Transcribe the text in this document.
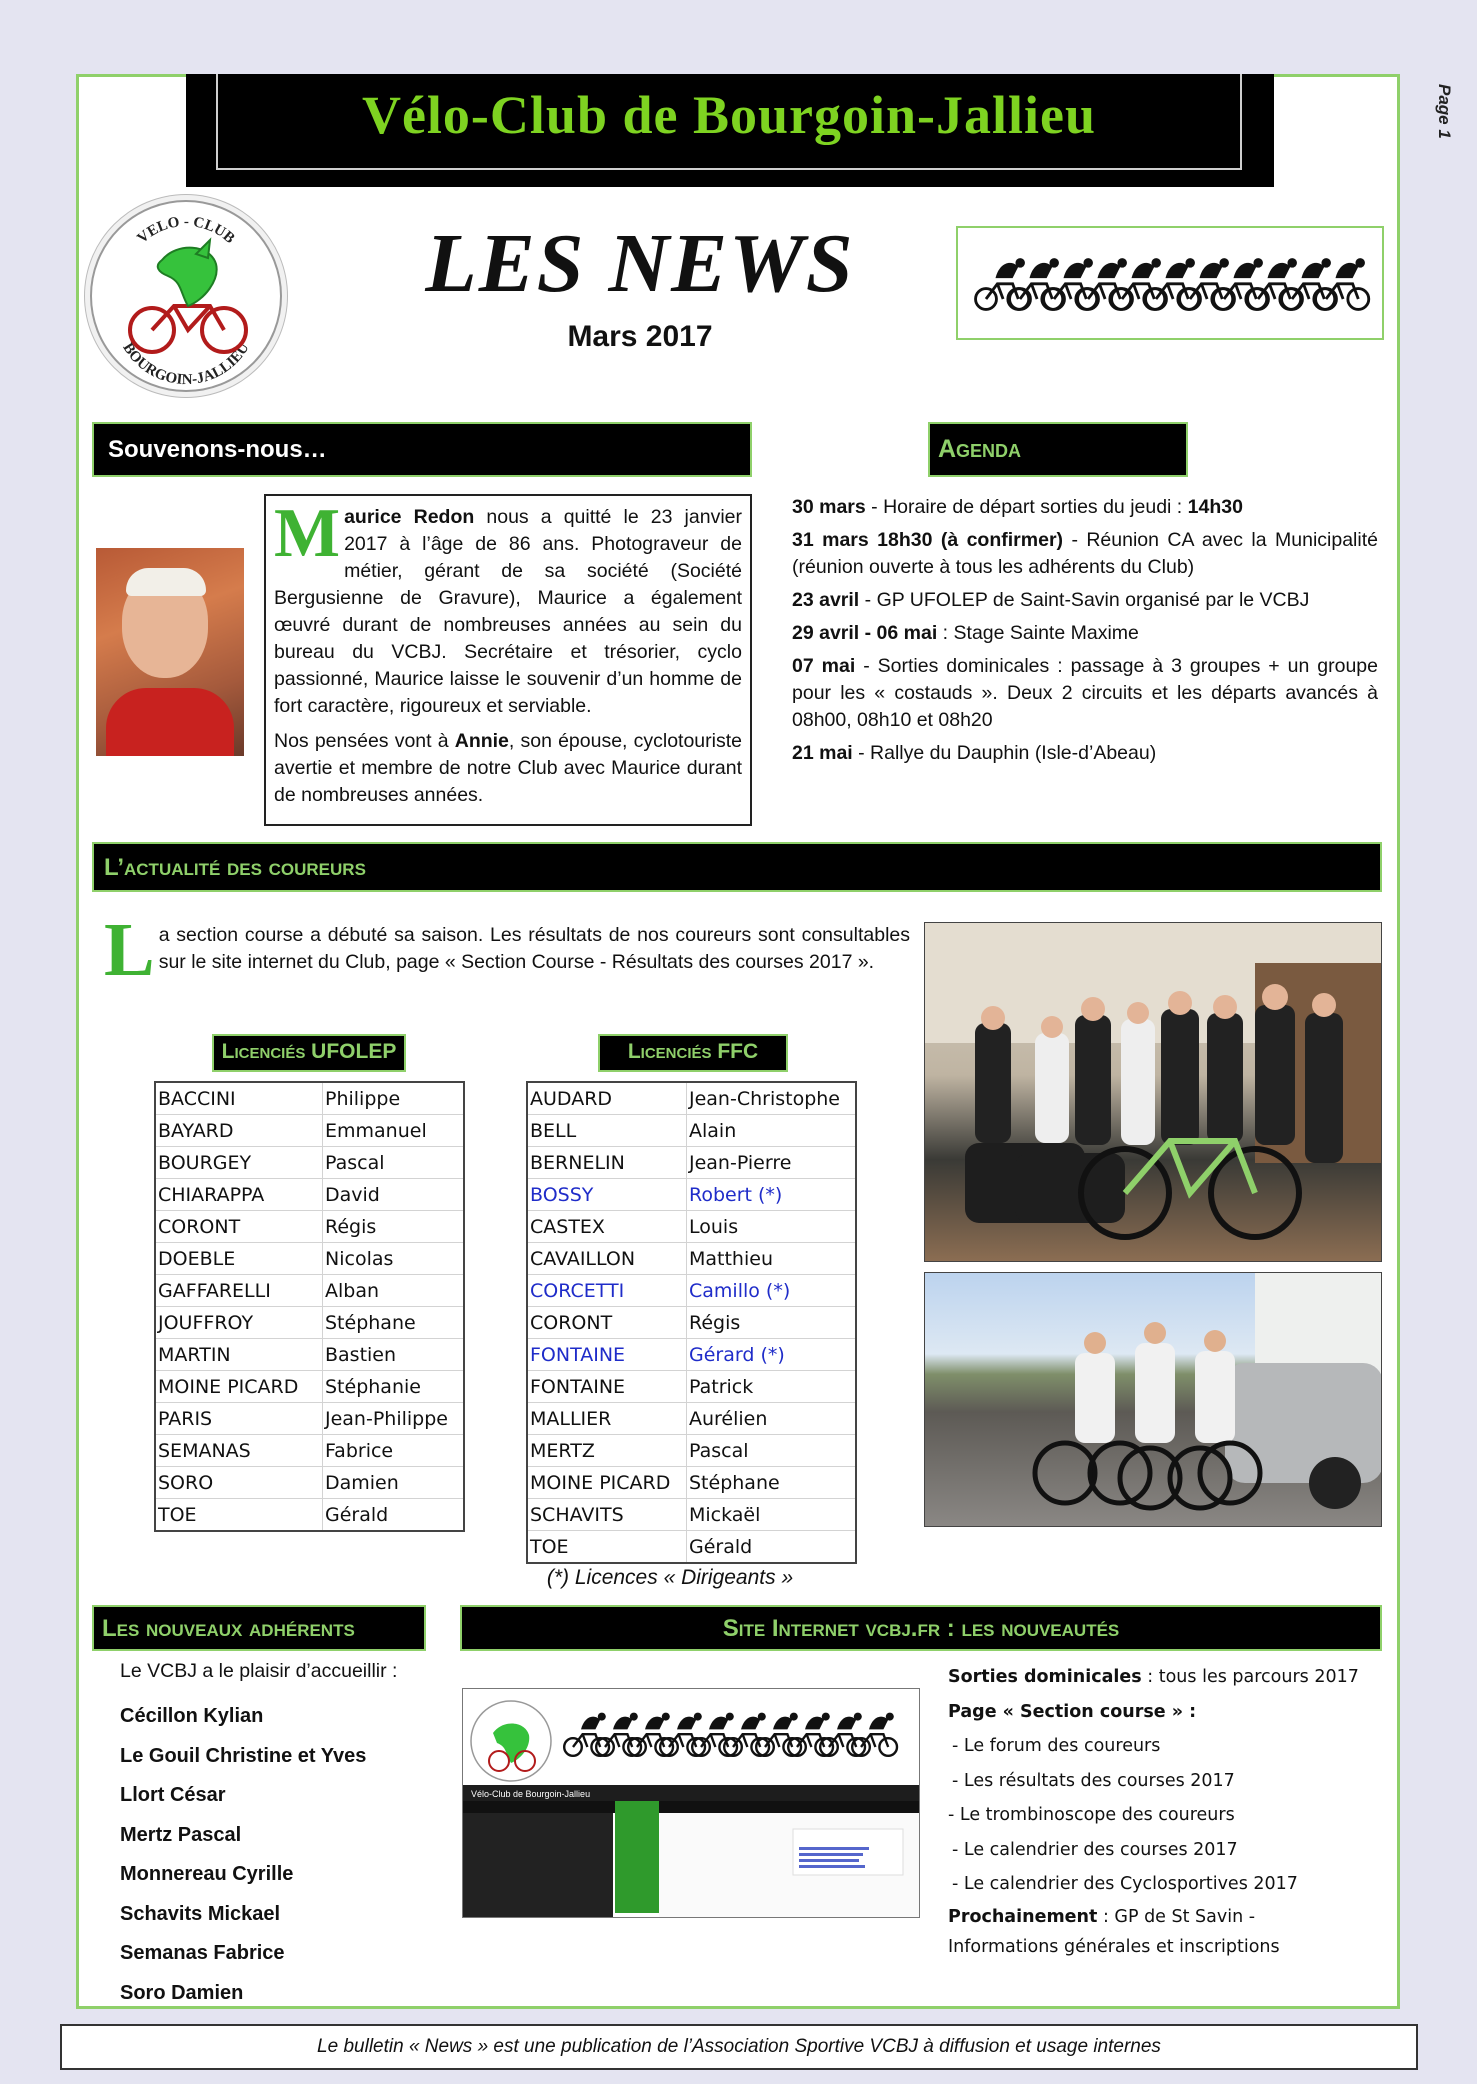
Vélo-Club de Bourgoin-Jallieu	Page 1
VELO - CLUB
BOURGOIN-JALLIEU
LES NEWS
Mars 2017
Souvenons-nous…

Maurice Redon nous a quitté le 23 janvier 2017 à l’âge de 86 ans. Photograveur de métier, gérant de sa société (Société Bergusienne de Gravure), Maurice a également œuvré durant de nombreuses années au sein du bureau du VCBJ. Secrétaire et trésorier, cyclo passionné, Maurice laisse le souvenir d’un homme de fort caractère, rigoureux et serviable.

Nos pensées vont à Annie, son épouse, cyclotouriste avertie et membre de notre Club avec Maurice durant de nombreuses années.

Agenda

30 mars - Horaire de départ sorties du jeudi : 14h30

31 mars 18h30 (à confirmer) - Réunion CA avec la Municipalité (réunion ouverte à tous les adhérents du Club)

23 avril - GP UFOLEP de Saint-Savin organisé par le VCBJ

29 avril - 06 mai : Stage Sainte Maxime

07 mai - Sorties dominicales : passage à 3 groupes + un groupe pour les « costauds ». Deux 2 circuits et les départs avancés à 08h00, 08h10 et 08h20

21 mai - Rallye du Dauphin (Isle-d’Abeau)

L’actualité des coureurs
La section course a débuté sa saison. Les résultats de nos coureurs sont consultables sur le site internet du Club, page « Section Course - Résultats des courses 2017 ».
Licenciés UFOLEP	Licenciés FFC
BACCINI	Philippe
BAYARD	Emmanuel
BOURGEY	Pascal
CHIARAPPA	David
CORONT	Régis
DOEBLE	Nicolas
GAFFARELLI	Alban
JOUFFROY	Stéphane
MARTIN	Bastien
MOINE PICARD	Stéphanie
PARIS	Jean-Philippe
SEMANAS	Fabrice
SORO	Damien
TOE	Gérald
AUDARD	Jean-Christophe
BELL	Alain
BERNELIN	Jean-Pierre
BOSSY	Robert (*)
CASTEX	Louis
CAVAILLON	Matthieu
CORCETTI	Camillo (*)
CORONT	Régis
FONTAINE	Gérard (*)
FONTAINE	Patrick
MALLIER	Aurélien
MERTZ	Pascal
MOINE PICARD	Stéphane
SCHAVITS	Mickaël
TOE	Gérald
(*) Licences « Dirigeants »
Les nouveaux adhérents
Le VCBJ a le plaisir d’accueillir :
Cécillon Kylian
Le Gouil Christine et Yves
Llort César
Mertz Pascal
Monnereau Cyrille
Schavits Mickael
Semanas Fabrice
Soro Damien
Site Internet vcbj.fr : les nouveautés
Vélo-Club de Bourgoin-Jallieu
Sorties dominicales : tous les parcours 2017
Page « Section course » :
- Le forum des coureurs
- Les résultats des courses 2017
- Le trombinoscope des coureurs
- Le calendrier des courses 2017
- Le calendrier des Cyclosportives 2017
Prochainement : GP de St Savin - Informations générales et inscriptions
Le bulletin « News » est une publication de l’Association Sportive VCBJ à diffusion et usage internes
